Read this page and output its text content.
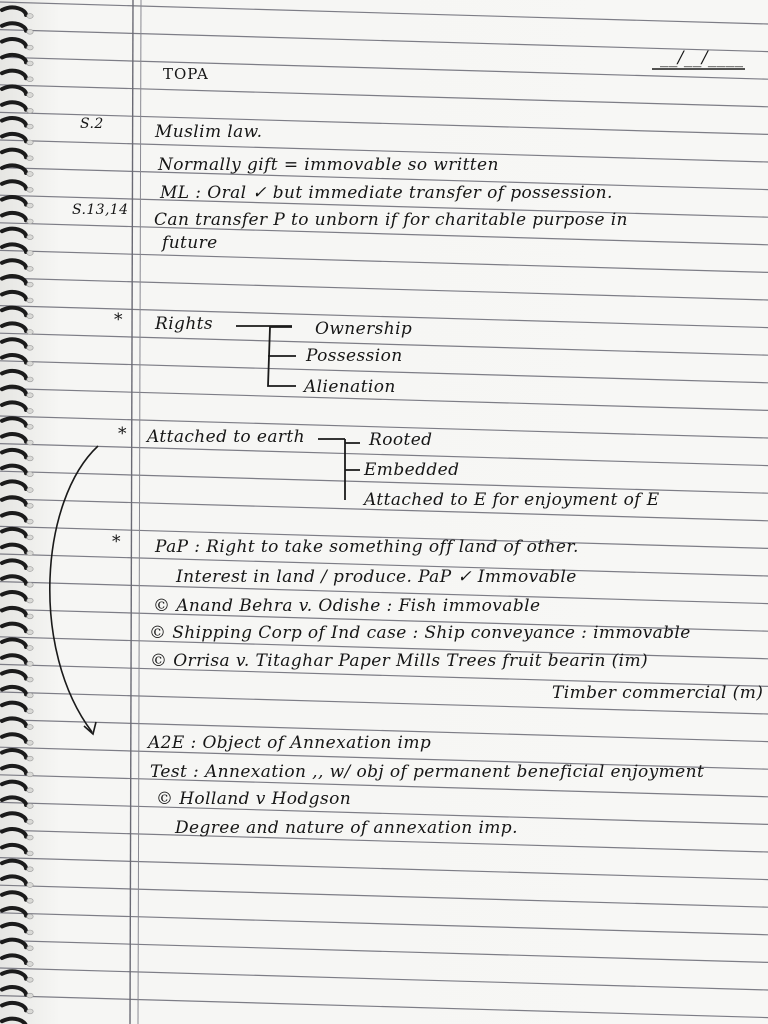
TOPA
__/__/____
S.2	Muslim law.
Normally gift = immovable so written
ML : Oral ✓ but immediate transfer of possession.
S.13,14 Can transfer P to unborn if for charitable purpose in
future
* Rights	Ownership
Possession
Alienation
* Attached to earth	Rooted
Embedded
Attached to E for enjoyment of E
* PaP : Right to take something off land of other.
Interest in land / produce. PaP ✓ Immovable
© Anand Behra v. Odishe : Fish immovable
© Shipping Corp of Ind case : Ship conveyance : immovable
© Orrisa v. Titaghar Paper Mills Trees fruit bearin (im)
Timber commercial (m)
A2E : Object of Annexation imp
Test : Annexation ,, w/ obj of permanent beneficial enjoyment
© Holland v Hodgson
Degree and nature of annexation imp.
